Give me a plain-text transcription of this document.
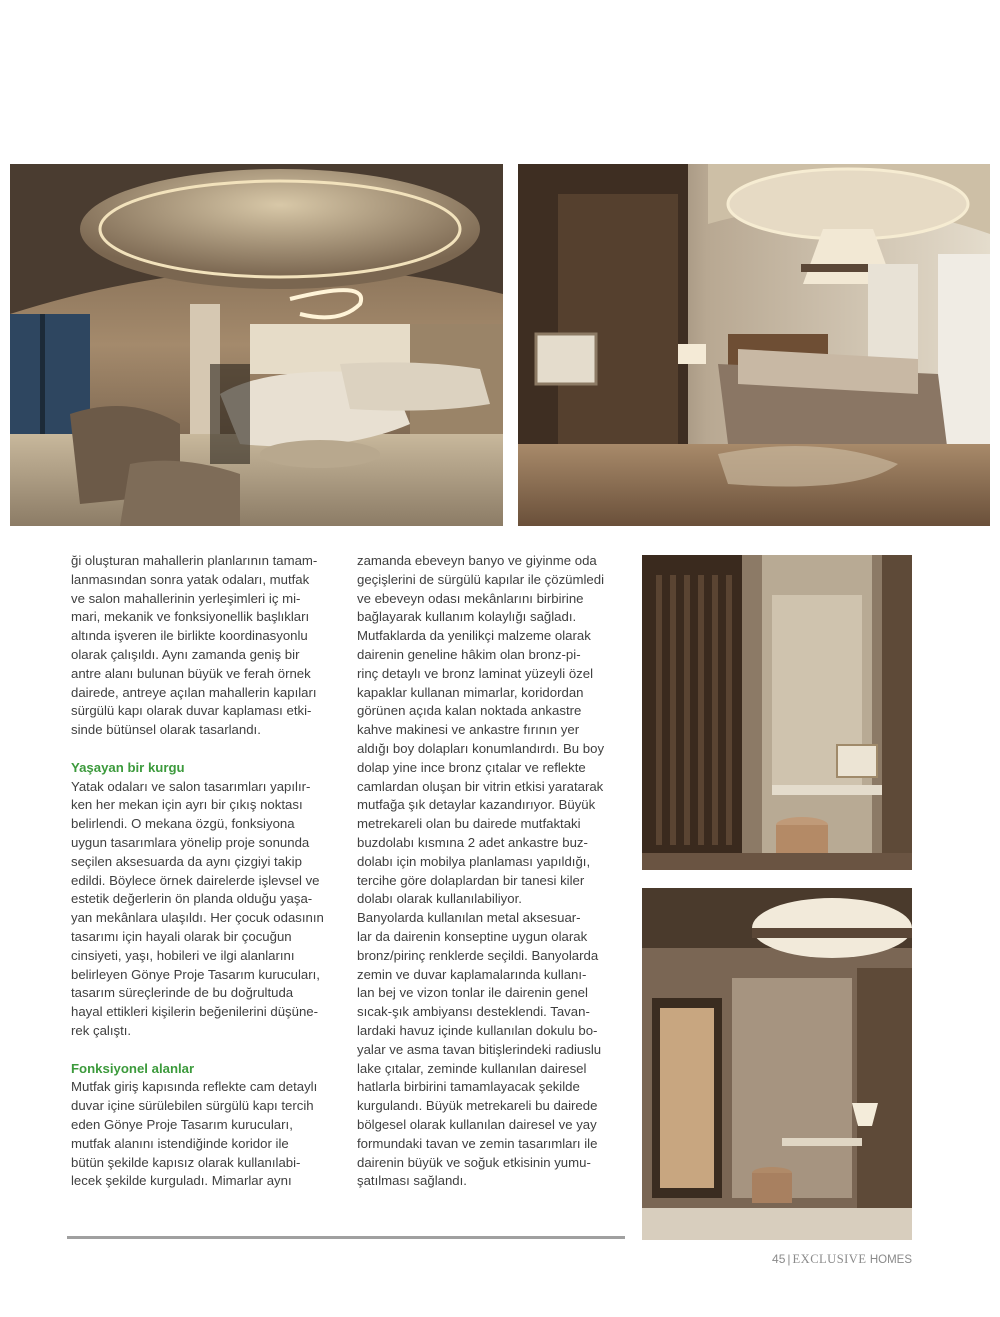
ği oluşturan mahallerin planlarının tamam-
lanmasından sonra yatak odaları, mutfak
ve salon mahallerinin yerleşimleri iç mi-
mari, mekanik ve fonksiyonellik başlıkları
altında işveren ile birlikte koordinasyonlu
olarak çalışıldı. Aynı zamanda geniş bir
antre alanı bulunan büyük ve ferah örnek
dairede, antreye açılan mahallerin kapıları
sürgülü kapı olarak duvar kaplaması etki-
sinde bütünsel olarak tasarlandı.
Yaşayan bir kurgu
Yatak odaları ve salon tasarımları yapılır-
ken her mekan için ayrı bir çıkış noktası
belirlendi. O mekana özgü, fonksiyona
uygun tasarımlara yönelip proje sonunda
seçilen aksesuarda da aynı çizgiyi takip
edildi. Böylece örnek dairelerde işlevsel ve
estetik değerlerin ön planda olduğu yaşa-
yan mekânlara ulaşıldı. Her çocuk odasının
tasarımı için hayali olarak bir çocuğun
cinsiyeti, yaşı, hobileri ve ilgi alanlarını
belirleyen Gönye Proje Tasarım kurucuları,
tasarım süreçlerinde de bu doğrultuda
hayal ettikleri kişilerin beğenilerini düşüne-
rek çalıştı.
Fonksiyonel alanlar
Mutfak giriş kapısında reflekte cam detaylı
duvar içine sürülebilen sürgülü kapı tercih
eden Gönye Proje Tasarım kurucuları,
mutfak alanını istendiğinde koridor ile
bütün şekilde kapısız olarak kullanılabi-
lecek şekilde kurguladı. Mimarlar aynı
zamanda ebeveyn banyo ve giyinme oda
geçişlerini de sürgülü kapılar ile çözümledi
ve ebeveyn odası mekânlarını birbirine
bağlayarak kullanım kolaylığı sağladı.
Mutfaklarda da yenilikçi malzeme olarak
dairenin geneline hâkim olan bronz-pi-
rinç detaylı ve bronz laminat yüzeyli özel
kapaklar kullanan mimarlar, koridordan
görünen açıda kalan noktada ankastre
kahve makinesi ve ankastre fırının yer
aldığı boy dolapları konumlandırdı. Bu boy
dolap yine ince bronz çıtalar ve reflekte
camlardan oluşan bir vitrin etkisi yaratarak
mutfağa şık detaylar kazandırıyor. Büyük
metrekareli olan bu dairede mutfaktaki
buzdolabı kısmına 2 adet ankastre buz-
dolabı için mobilya planlaması yapıldığı,
tercihe göre dolaplardan bir tanesi kiler
dolabı olarak kullanılabiliyor.
Banyolarda kullanılan metal aksesuar-
lar da dairenin konseptine uygun olarak
bronz/pirinç renklerde seçildi. Banyolarda
zemin ve duvar kaplamalarında kullanı-
lan bej ve vizon tonlar ile dairenin genel
sıcak-şık ambiyansı desteklendi. Tavan-
lardaki havuz içinde kullanılan dokulu bo-
yalar ve asma tavan bitişlerindeki radiuslu
lake çıtalar, zeminde kullanılan dairesel
hatlarla birbirini tamamlayacak şekilde
kurgulandı. Büyük metrekareli bu dairede
bölgesel olarak kullanılan dairesel ve yay
formundaki tavan ve zemin tasarımları ile
dairenin büyük ve soğuk etkisinin yumu-
şatılması sağlandı.
45 | EXCLUSIVE HOMES
